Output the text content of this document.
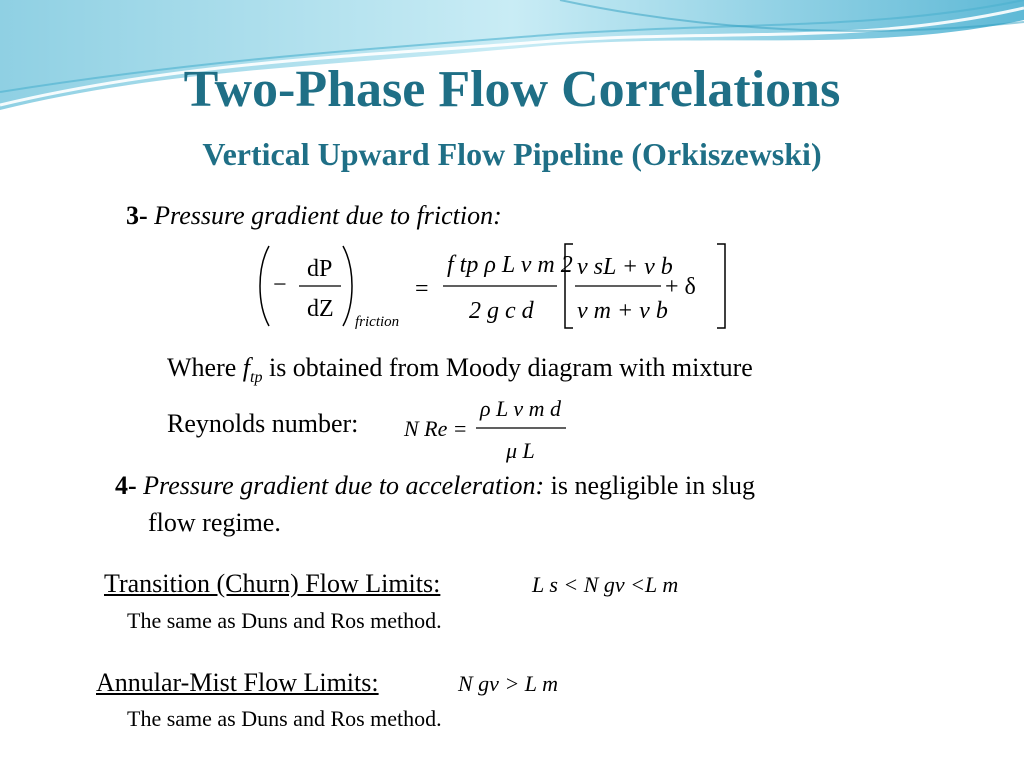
Two-Phase Flow Correlations
Vertical Upward Flow Pipeline (Orkiszewski)
3- Pressure gradient due to friction:
−
dP
dZ friction
=
f tp ρ L v m 2
2 g c d
v sL + v b
v m + v b
+ δ
Where $f_{tp}$ is obtained from Moody diagram with mixture
Reynolds number: N Re =
ρ L v m d
μ L
4- Pressure gradient due to acceleration: is negligible in slug
flow regime.
Transition (Churn) Flow Limits:	L s < N gv <L m
The same as Duns and Ros method.
Annular-Mist Flow Limits:	N gv > L m
The same as Duns and Ros method.
